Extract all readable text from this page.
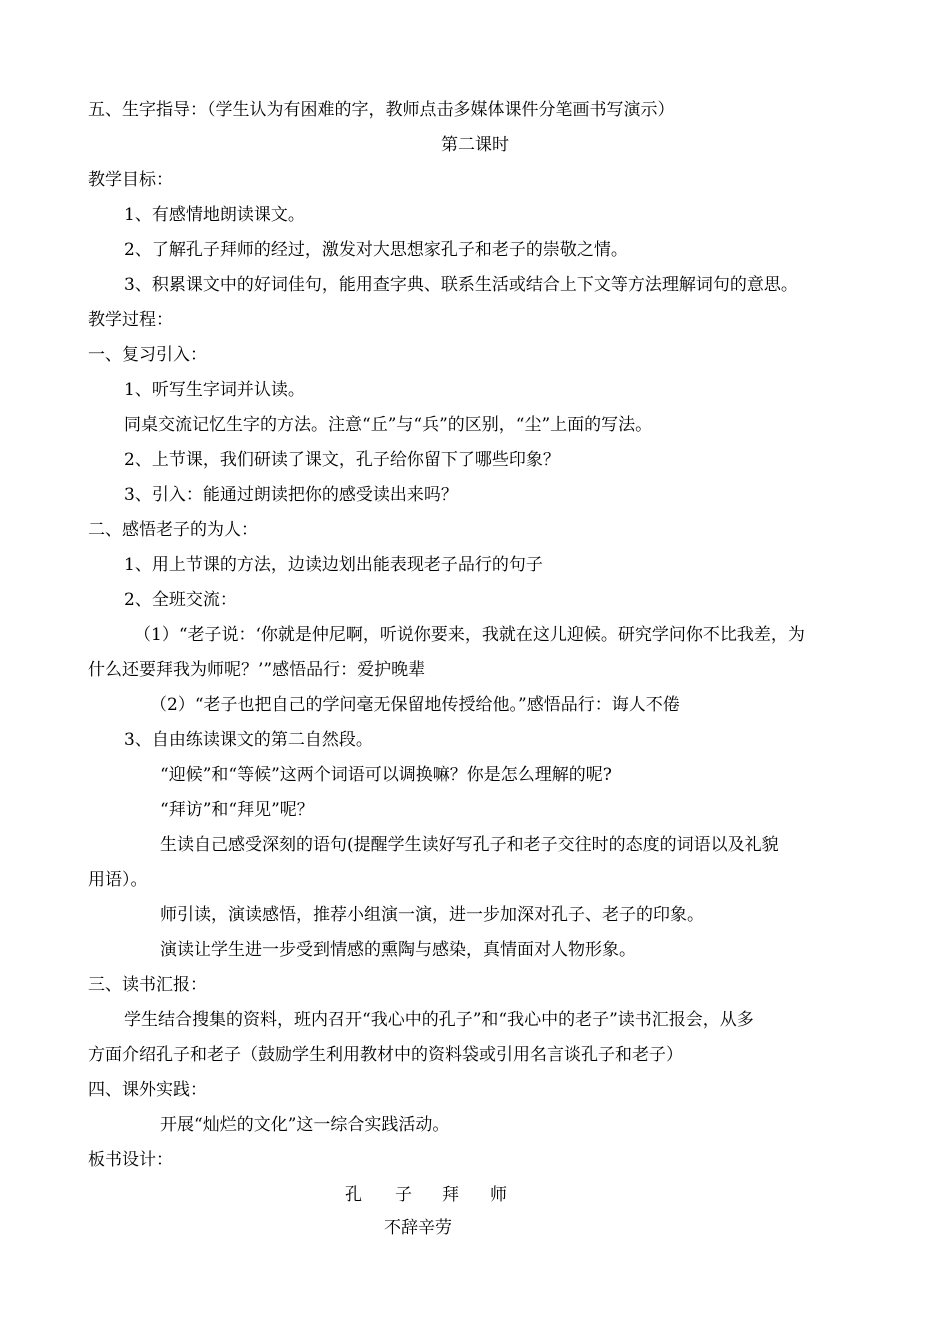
五、生字指导：（学生认为有困难的字，教师点击多媒体课件分笔画书写演示）
第二课时
教学目标：
1、有感情地朗读课文。
2、了解孔子拜师的经过，激发对大思想家孔子和老子的崇敬之情。
3、积累课文中的好词佳句，能用查字典、联系生活或结合上下文等方法理解词句的意思。
教学过程：
一、复习引入：
1、听写生字词并认读。
同桌交流记忆生字的方法。注意“丘”与“兵”的区别，“尘”上面的写法。
2、上节课，我们研读了课文，孔子给你留下了哪些印象？
3、引入：能通过朗读把你的感受读出来吗？
二、感悟老子的为人：
1、用上节课的方法，边读边划出能表现老子品行的句子
2、全班交流：
（1）“老子说：‘你就是仲尼啊，听说你要来，我就在这儿迎候。研究学问你不比我差，为
什么还要拜我为师呢？’”感悟品行：爱护晚辈
（2）“老子也把自己的学问毫无保留地传授给他。”感悟品行：诲人不倦
3、自由练读课文的第二自然段。
“迎候”和“等候”这两个词语可以调换嘛？你是怎么理解的呢?
“拜访”和“拜见”呢？
生读自己感受深刻的语句(提醒学生读好写孔子和老子交往时的态度的词语以及礼貌
用语）。
师引读，演读感悟，推荐小组演一演，进一步加深对孔子、老子的印象。
演读让学生进一步受到情感的熏陶与感染，真情面对人物形象。
三、读书汇报：
学生结合搜集的资料，班内召开“我心中的孔子”和“我心中的老子”读书汇报会，从多
方面介绍孔子和老子（鼓励学生利用教材中的资料袋或引用名言谈孔子和老子）
四、课外实践：
开展“灿烂的文化”这一综合实践活动。
板书设计：
孔 子 拜 师
不辞辛劳
